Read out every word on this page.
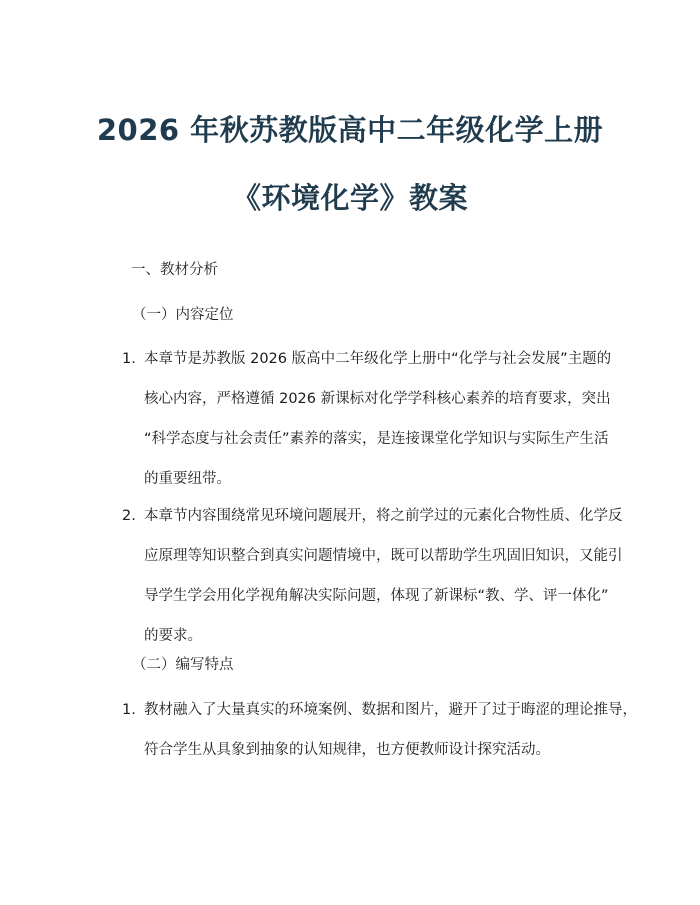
2026 年秋苏教版高中二年级化学上册
《环境化学》教案
一、教材分析
（一）内容定位
1. 本章节是苏教版 2026 版高中二年级化学上册中“化学与社会发展”主题的
核心内容，严格遵循 2026 新课标对化学学科核心素养的培育要求，突出
“科学态度与社会责任”素养的落实，是连接课堂化学知识与实际生产生活
的重要纽带。
2. 本章节内容围绕常见环境问题展开，将之前学过的元素化合物性质、化学反
应原理等知识整合到真实问题情境中，既可以帮助学生巩固旧知识，又能引
导学生学会用化学视角解决实际问题，体现了新课标“教、学、评一体化”
的要求。
（二）编写特点
1. 教材融入了大量真实的环境案例、数据和图片，避开了过于晦涩的理论推导，
符合学生从具象到抽象的认知规律，也方便教师设计探究活动。
